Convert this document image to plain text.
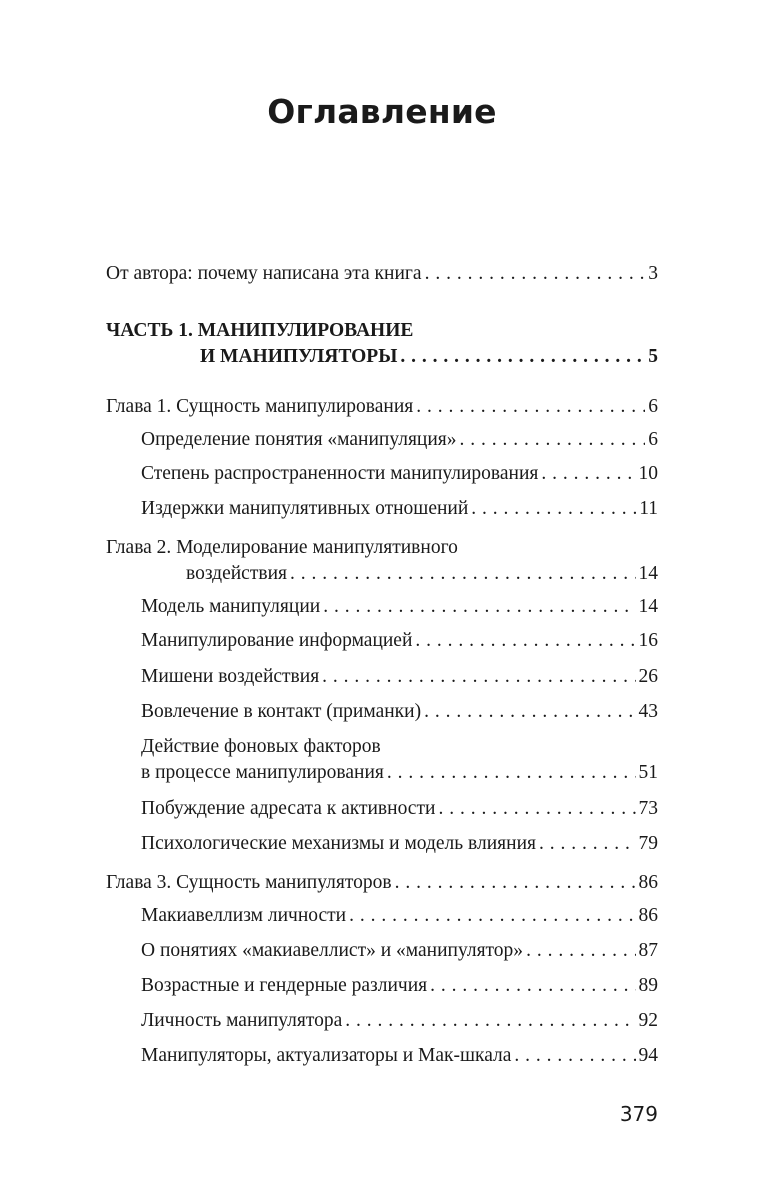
Оглавление
От автора: почему написана эта книга . . .	3
ЧАСТЬ 1. МАНИПУЛИРОВАНИЕ
И МАНИПУЛЯТОРЫ . . .	5
Глава 1. Сущность манипулирования . . .	6
Определение понятия «манипуляция» . . .	6
Степень распространенности манипулирования . . .	10
Издержки манипулятивных отношений . . .	11
Глава 2. Моделирование манипулятивного
воздействия . . .	14
Модель манипуляции . . .	14
Манипулирование информацией . . .	16
Мишени воздействия . . .	26
Вовлечение в контакт (приманки) . . .	43
Действие фоновых факторов
в процессе манипулирования . . .	51
Побуждение адресата к активности . . .	73
Психологические механизмы и модель влияния . . .	79
Глава 3. Сущность манипуляторов . . .	86
Макиавеллизм личности . . .	86
О понятиях «макиавеллист» и «манипулятор» . . .	87
Возрастные и гендерные различия . . .	89
Личность манипулятора . . .	92
Манипуляторы, актуализаторы и Мак-шкала . . .	94
379
